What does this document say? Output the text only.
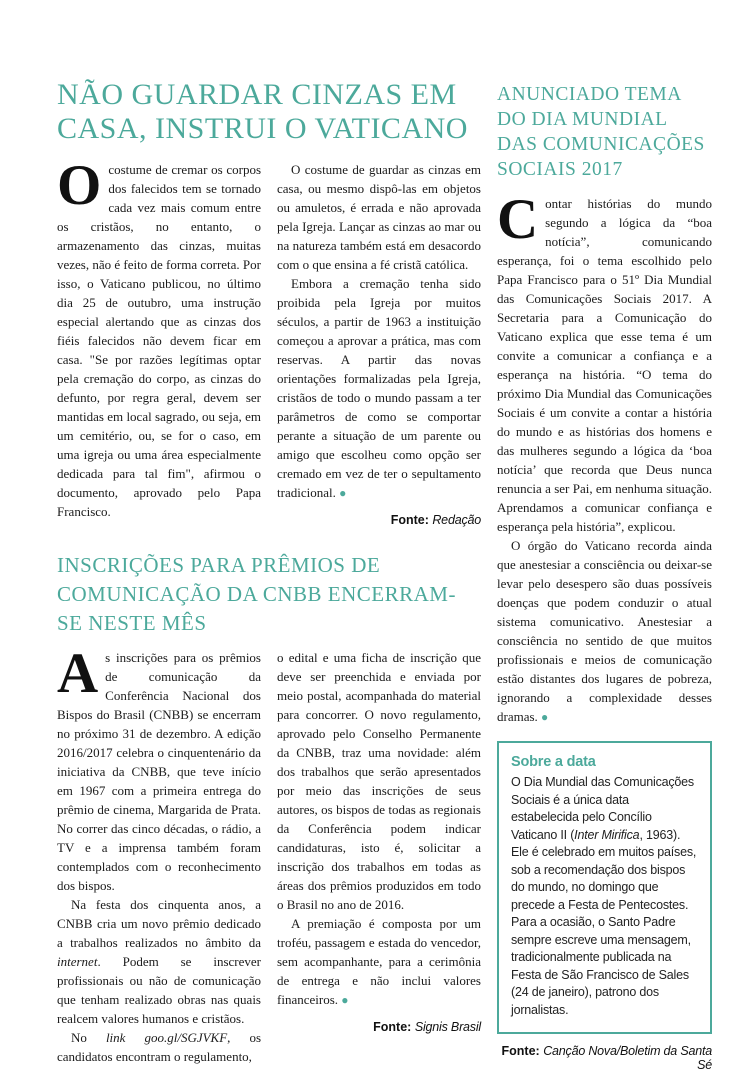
NÃO GUARDAR CINZAS EM CASA, INSTRUI O VATICANO

Ocostume de cremar os corpos dos falecidos tem se tornado cada vez mais comum entre os cristãos, no entanto, o armazenamento das cinzas, muitas vezes, não é feito de forma correta. Por isso, o Vaticano publicou, no último dia 25 de outubro, uma instrução especial alertando que as cinzas dos fiéis falecidos não devem ficar em casa. "Se por razões legítimas optar pela cremação do corpo, as cinzas do defunto, por regra geral, devem ser mantidas em local sagrado, ou seja, em um cemitério, ou, se for o caso, em uma igreja ou uma área especialmente dedicada para tal fim", afirmou o documento, aprovado pelo Papa Francisco.

O costume de guardar as cinzas em casa, ou mesmo dispô-las em objetos ou amuletos, é errada e não aprovada pela Igreja. Lançar as cinzas ao mar ou na natureza também está em desacordo com o que ensina a fé cristã católica.

Embora a cremação tenha sido proibida pela Igreja por muitos séculos, a partir de 1963 a instituição começou a aprovar a prática, mas com reservas. A partir das novas orientações formalizadas pela Igreja, cristãos de todo o mundo passam a ter parâmetros de como se comportar perante a situação de um parente ou amigo que escolheu como opção ser cremado em vez de ter o sepultamento tradicional. ●

Fonte: Redação

INSCRIÇÕES PARA PRÊMIOS DE COMUNICAÇÃO DA CNBB ENCERRAM-SE NESTE MÊS

As inscrições para os prêmios de comunicação da Conferência Nacional dos Bispos do Brasil (CNBB) se encerram no próximo 31 de dezembro. A edição 2016/2017 celebra o cinquentenário da iniciativa da CNBB, que teve início em 1967 com a primeira entrega do prêmio de cinema, Margarida de Prata. No correr das cinco décadas, o rádio, a TV e a imprensa também foram contemplados com o reconhecimento dos bispos.

Na festa dos cinquenta anos, a CNBB cria um novo prêmio dedicado a trabalhos realizados no âmbito da internet. Podem se inscrever profissionais ou não de comunicação que tenham realizado obras nas quais realcem valores humanos e cristãos.

No link goo.gl/SGJVKF, os candidatos encontram o regulamento,

o edital e uma ficha de inscrição que deve ser preenchida e enviada por meio postal, acompanhada do material para concorrer. O novo regulamento, aprovado pelo Conselho Permanente da CNBB, traz uma novidade: além dos trabalhos que serão apresentados por meio das inscrições de seus autores, os bispos de todas as regionais da Conferência podem indicar candidaturas, isto é, solicitar a inscrição dos trabalhos em todas as áreas dos prêmios produzidos em todo o Brasil no ano de 2016.

A premiação é composta por um troféu, passagem e estada do vencedor, sem acompanhante, para a cerimônia de entrega e não inclui valores financeiros. ●

Fonte: Signis Brasil

ANUNCIADO TEMA DO DIA MUNDIAL DAS COMUNICAÇÕES SOCIAIS 2017

Contar histórias do mundo segundo a lógica da “boa notícia”, comunicando esperança, foi o tema escolhido pelo Papa Francisco para o 51º Dia Mundial das Comunicações Sociais 2017. A Secretaria para a Comunicação do Vaticano explica que esse tema é um convite a comunicar a confiança e a esperança na história. “O tema do próximo Dia Mundial das Comunicações Sociais é um convite a contar a história do mundo e as histórias dos homens e das mulheres segundo a lógica da ‘boa notícia’ que recorda que Deus nunca renuncia a ser Pai, em nenhuma situação. Aprendamos a comunicar confiança e esperança pela história”, explicou.

O órgão do Vaticano recorda ainda que anestesiar a consciência ou deixar-se levar pelo desespero são duas possíveis doenças que podem conduzir o atual sistema comunicativo. Anestesiar a consciência no sentido de que muitos profissionais e meios de comunicação estão distantes dos lugares de pobreza, ignorando a complexidade desses dramas. ●

Sobre a data
O Dia Mundial das Comunicações Sociais é a única data estabelecida pelo Concílio Vaticano II (Inter Mirifica, 1963). Ele é celebrado em muitos países, sob a recomendação dos bispos do mundo, no domingo que precede a Festa de Pentecostes. Para a ocasião, o Santo Padre sempre escreve uma mensagem, tradicionalmente publicada na Festa de São Francisco de Sales (24 de janeiro), patrono dos jornalistas.

Fonte: Canção Nova/Boletim da Santa Sé
